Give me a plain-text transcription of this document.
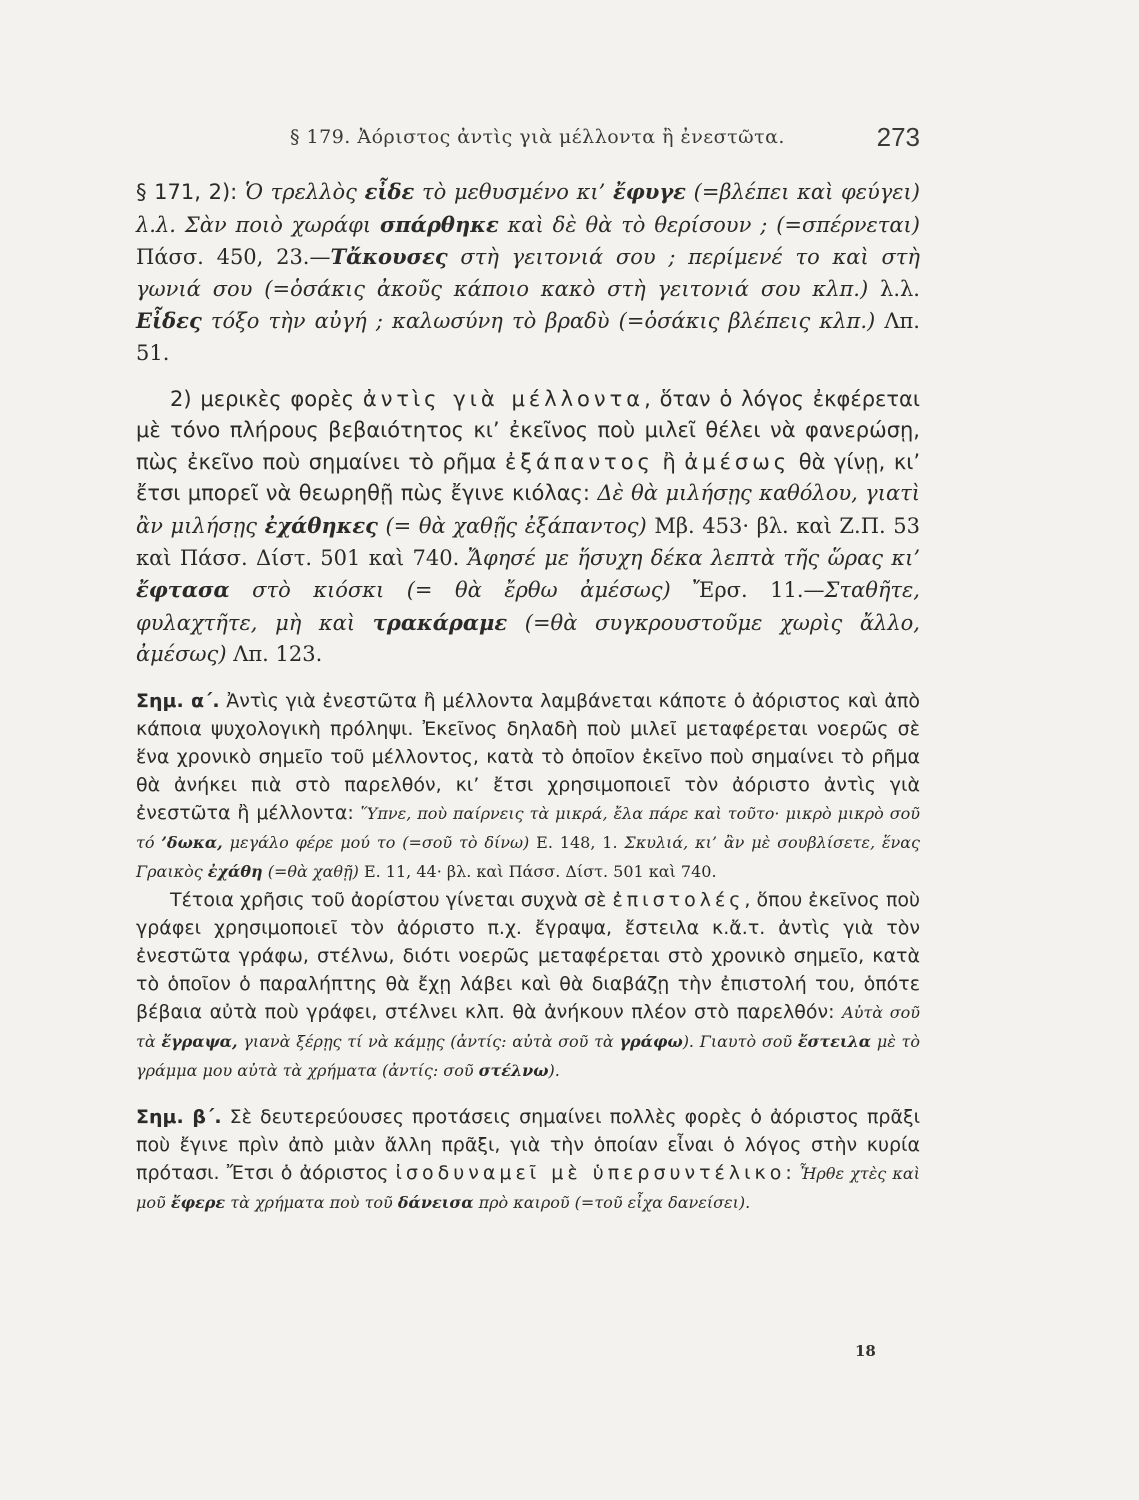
§ 179. Ἀόριστος ἀντὶς γιὰ μέλλοντα ἢ ἐνεστῶτα.	273

§ 171, 2): Ὁ τρελλὸς εἶδε τὸ μεθυσμένο κι’ ἔφυγε (=βλέπει καὶ φεύγει) λ.λ. Σὰν ποιὸ χωράφι σπάρθηκε καὶ δὲ θὰ τὸ θερίσουν ; (=σπέρνεται) Πάσσ. 450, 23.—Τἄκουσες στὴ γειτονιά σου ; περίμενέ το καὶ στὴ γωνιά σου (=ὁσάκις ἀκοῦς κάποιο κακὸ στὴ γειτονιά σου κλπ.) λ.λ. Εἶδες τόξο τὴν αὐγή ; καλωσύνη τὸ βραδὺ (=ὁσάκις βλέπεις κλπ.) Λπ. 51.

2) μερικὲς φορὲς ἀντὶς γιὰ μέλλοντα, ὅταν ὁ λόγος ἐκφέρεται μὲ τόνο πλήρους βεβαιότητος κι’ ἐκεῖνος ποὺ μιλεῖ θέλει νὰ φανερώσῃ, πὼς ἐκεῖνο ποὺ σημαίνει τὸ ρῆμα ἐξάπαντος ἢ ἀμέσως θὰ γίνῃ, κι’ ἔτσι μπορεῖ νὰ θεωρηθῇ πὼς ἔγινε κιόλας: Δὲ θὰ μιλήσῃς καθόλου, γιατὶ ἂν μιλήσῃς ἐχάθηκες (= θὰ χαθῇς ἐξάπαντος) Μβ. 453· βλ. καὶ Ζ.Π. 53 καὶ Πάσσ. Δίστ. 501 καὶ 740. Ἄφησέ με ἥσυχη δέκα λεπτὰ τῆς ὥρας κι’ ἔφτασα στὸ κιόσκι (= θὰ ἔρθω ἀμέσως) Ἔρσ. 11.—Σταθῆτε, φυλαχτῆτε, μὴ καὶ τρακάραμε (=θὰ συγκρουστοῦμε χωρὶς ἄλλο, ἀμέσως) Λπ. 123.

Σημ. α΄. Ἀντὶς γιὰ ἐνεστῶτα ἢ μέλλοντα λαμβάνεται κάποτε ὁ ἀόριστος καὶ ἀπὸ κάποια ψυχολογικὴ πρόληψι. Ἐκεῖνος δηλαδὴ ποὺ μιλεῖ μεταφέρεται νοερῶς σὲ ἕνα χρονικὸ σημεῖο τοῦ μέλλοντος, κατὰ τὸ ὁποῖον ἐκεῖνο ποὺ σημαίνει τὸ ρῆμα θὰ ἀνήκει πιὰ στὸ παρελθόν, κι’ ἔτσι χρησιμοποιεῖ τὸν ἀόριστο ἀντὶς γιὰ ἐνεστῶτα ἢ μέλλοντα: Ὕπνε, ποὺ παίρνεις τὰ μικρά, ἔλα πάρε καὶ τοῦτο· μικρὸ μικρὸ σοῦ τό ’δωκα, μεγάλο φέρε μού το (=σοῦ τὸ δίνω) Ε. 148, 1. Σκυλιά, κι’ ἂν μὲ σουβλίσετε, ἕνας Γραικὸς ἐχάθη (=θὰ χαθῇ) Ε. 11, 44· βλ. καὶ Πάσσ. Δίστ. 501 καὶ 740.

Τέτοια χρῆσις τοῦ ἀορίστου γίνεται συχνὰ σὲ ἐπιστολές, ὅπου ἐκεῖνος ποὺ γράφει χρησιμοποιεῖ τὸν ἀόριστο π.χ. ἔγραψα, ἔστειλα κ.ἄ.τ. ἀντὶς γιὰ τὸν ἐνεστῶτα γράφω, στέλνω, διότι νοερῶς μεταφέρεται στὸ χρονικὸ σημεῖο, κατὰ τὸ ὁποῖον ὁ παραλήπτης θὰ ἔχῃ λάβει καὶ θὰ διαβάζῃ τὴν ἐπιστολή του, ὁπότε βέβαια αὐτὰ ποὺ γράφει, στέλνει κλπ. θὰ ἀνήκουν πλέον στὸ παρελθόν: Αὐτὰ σοῦ τὰ ἔγραψα, γιανὰ ξέρῃς τί νὰ κάμῃς (ἀντίς: αὐτὰ σοῦ τὰ γράφω). Γιαυτὸ σοῦ ἔστειλα μὲ τὸ γράμμα μου αὐτὰ τὰ χρήματα (ἀντίς: σοῦ στέλνω).

Σημ. β΄. Σὲ δευτερεύουσες προτάσεις σημαίνει πολλὲς φορὲς ὁ ἀόριστος πρᾶξι ποὺ ἔγινε πρὶν ἀπὸ μιὰν ἄλλη πρᾶξι, γιὰ τὴν ὁποίαν εἶναι ὁ λόγος στὴν κυρία πρότασι. Ἔτσι ὁ ἀόριστος ἰσοδυναμεῖ μὲ ὑπερσυντέλικο: Ἦρθε χτὲς καὶ μοῦ ἔφερε τὰ χρήματα ποὺ τοῦ δάνεισα πρὸ καιροῦ (=τοῦ εἶχα δανείσει).

18
